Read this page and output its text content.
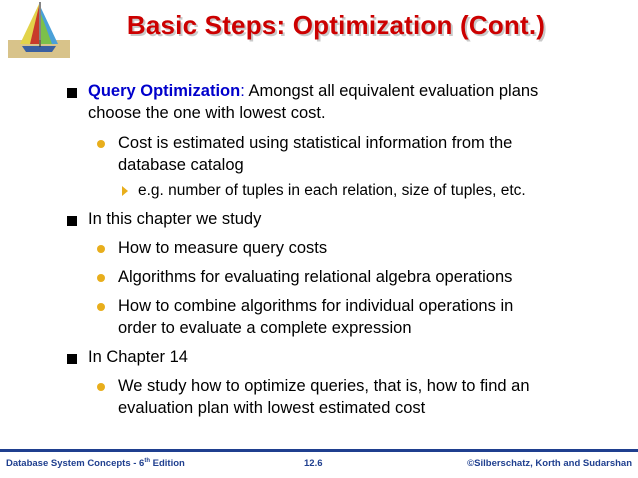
Basic Steps: Optimization (Cont.)
Query Optimization: Amongst all equivalent evaluation plans
choose the one with lowest cost.
Cost is estimated using statistical information from the
database catalog
e.g. number of tuples in each relation, size of tuples, etc.
In this chapter we study
How to measure query costs
Algorithms for evaluating relational algebra operations
How to combine algorithms for individual operations in
order to evaluate a complete expression
In Chapter 14
We study how to optimize queries, that is, how to find an
evaluation plan with lowest estimated cost
Database System Concepts - 6th Edition	12.6	©Silberschatz, Korth and Sudarshan
